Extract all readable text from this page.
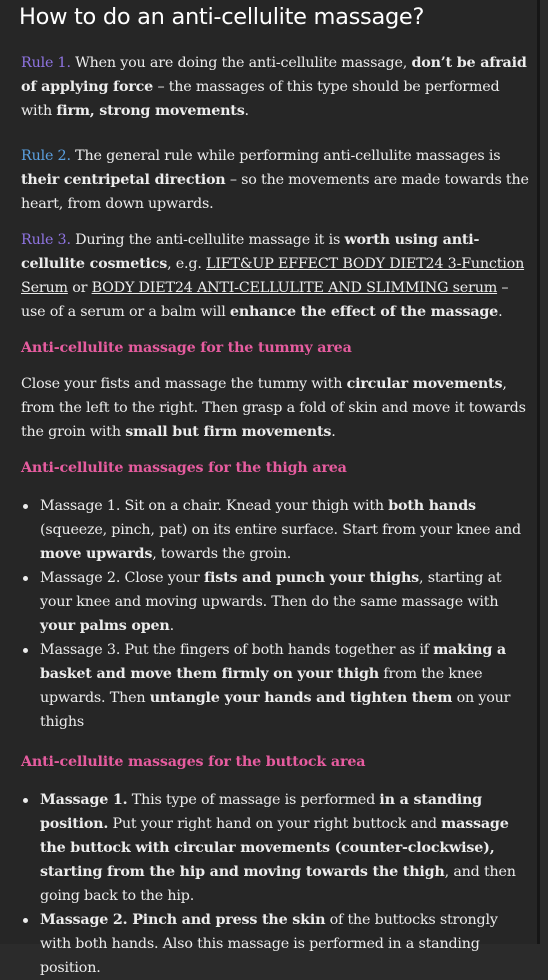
How to do an anti-cellulite massage?

Rule 1. When you are doing the anti-cellulite massage, don’t be afraid of applying force – the massages of this type should be performed with firm, strong movements.

Rule 2. The general rule while performing anti-cellulite massages is their centripetal direction – so the movements are made towards the heart, from down upwards.

Rule 3. During the anti-cellulite massage it is worth using anti-cellulite cosmetics, e.g. LIFT&UP EFFECT BODY DIET24 3-Function Serum or BODY DIET24 ANTI-CELLULITE AND SLIMMING serum – use of a serum or a balm will enhance the effect of the massage.

Anti-cellulite massage for the tummy area

Close your fists and massage the tummy with circular movements, from the left to the right. Then grasp a fold of skin and move it towards the groin with small but firm movements.

Anti-cellulite massages for the thigh area
Massage 1. Sit on a chair. Knead your thigh with both hands (squeeze, pinch, pat) on its entire surface. Start from your knee and move upwards, towards the groin.
Massage 2. Close your fists and punch your thighs, starting at your knee and moving upwards. Then do the same massage with your palms open.
Massage 3. Put the fingers of both hands together as if making a basket and move them firmly on your thigh from the knee upwards. Then untangle your hands and tighten them on your thighs
Anti-cellulite massages for the buttock area
Massage 1. This type of massage is performed in a standing position. Put your right hand on your right buttock and massage the buttock with circular movements (counter-clockwise), starting from the hip and moving towards the thigh, and then going back to the hip.
Massage 2. Pinch and press the skin of the buttocks strongly with both hands. Also this massage is performed in a standing position.
